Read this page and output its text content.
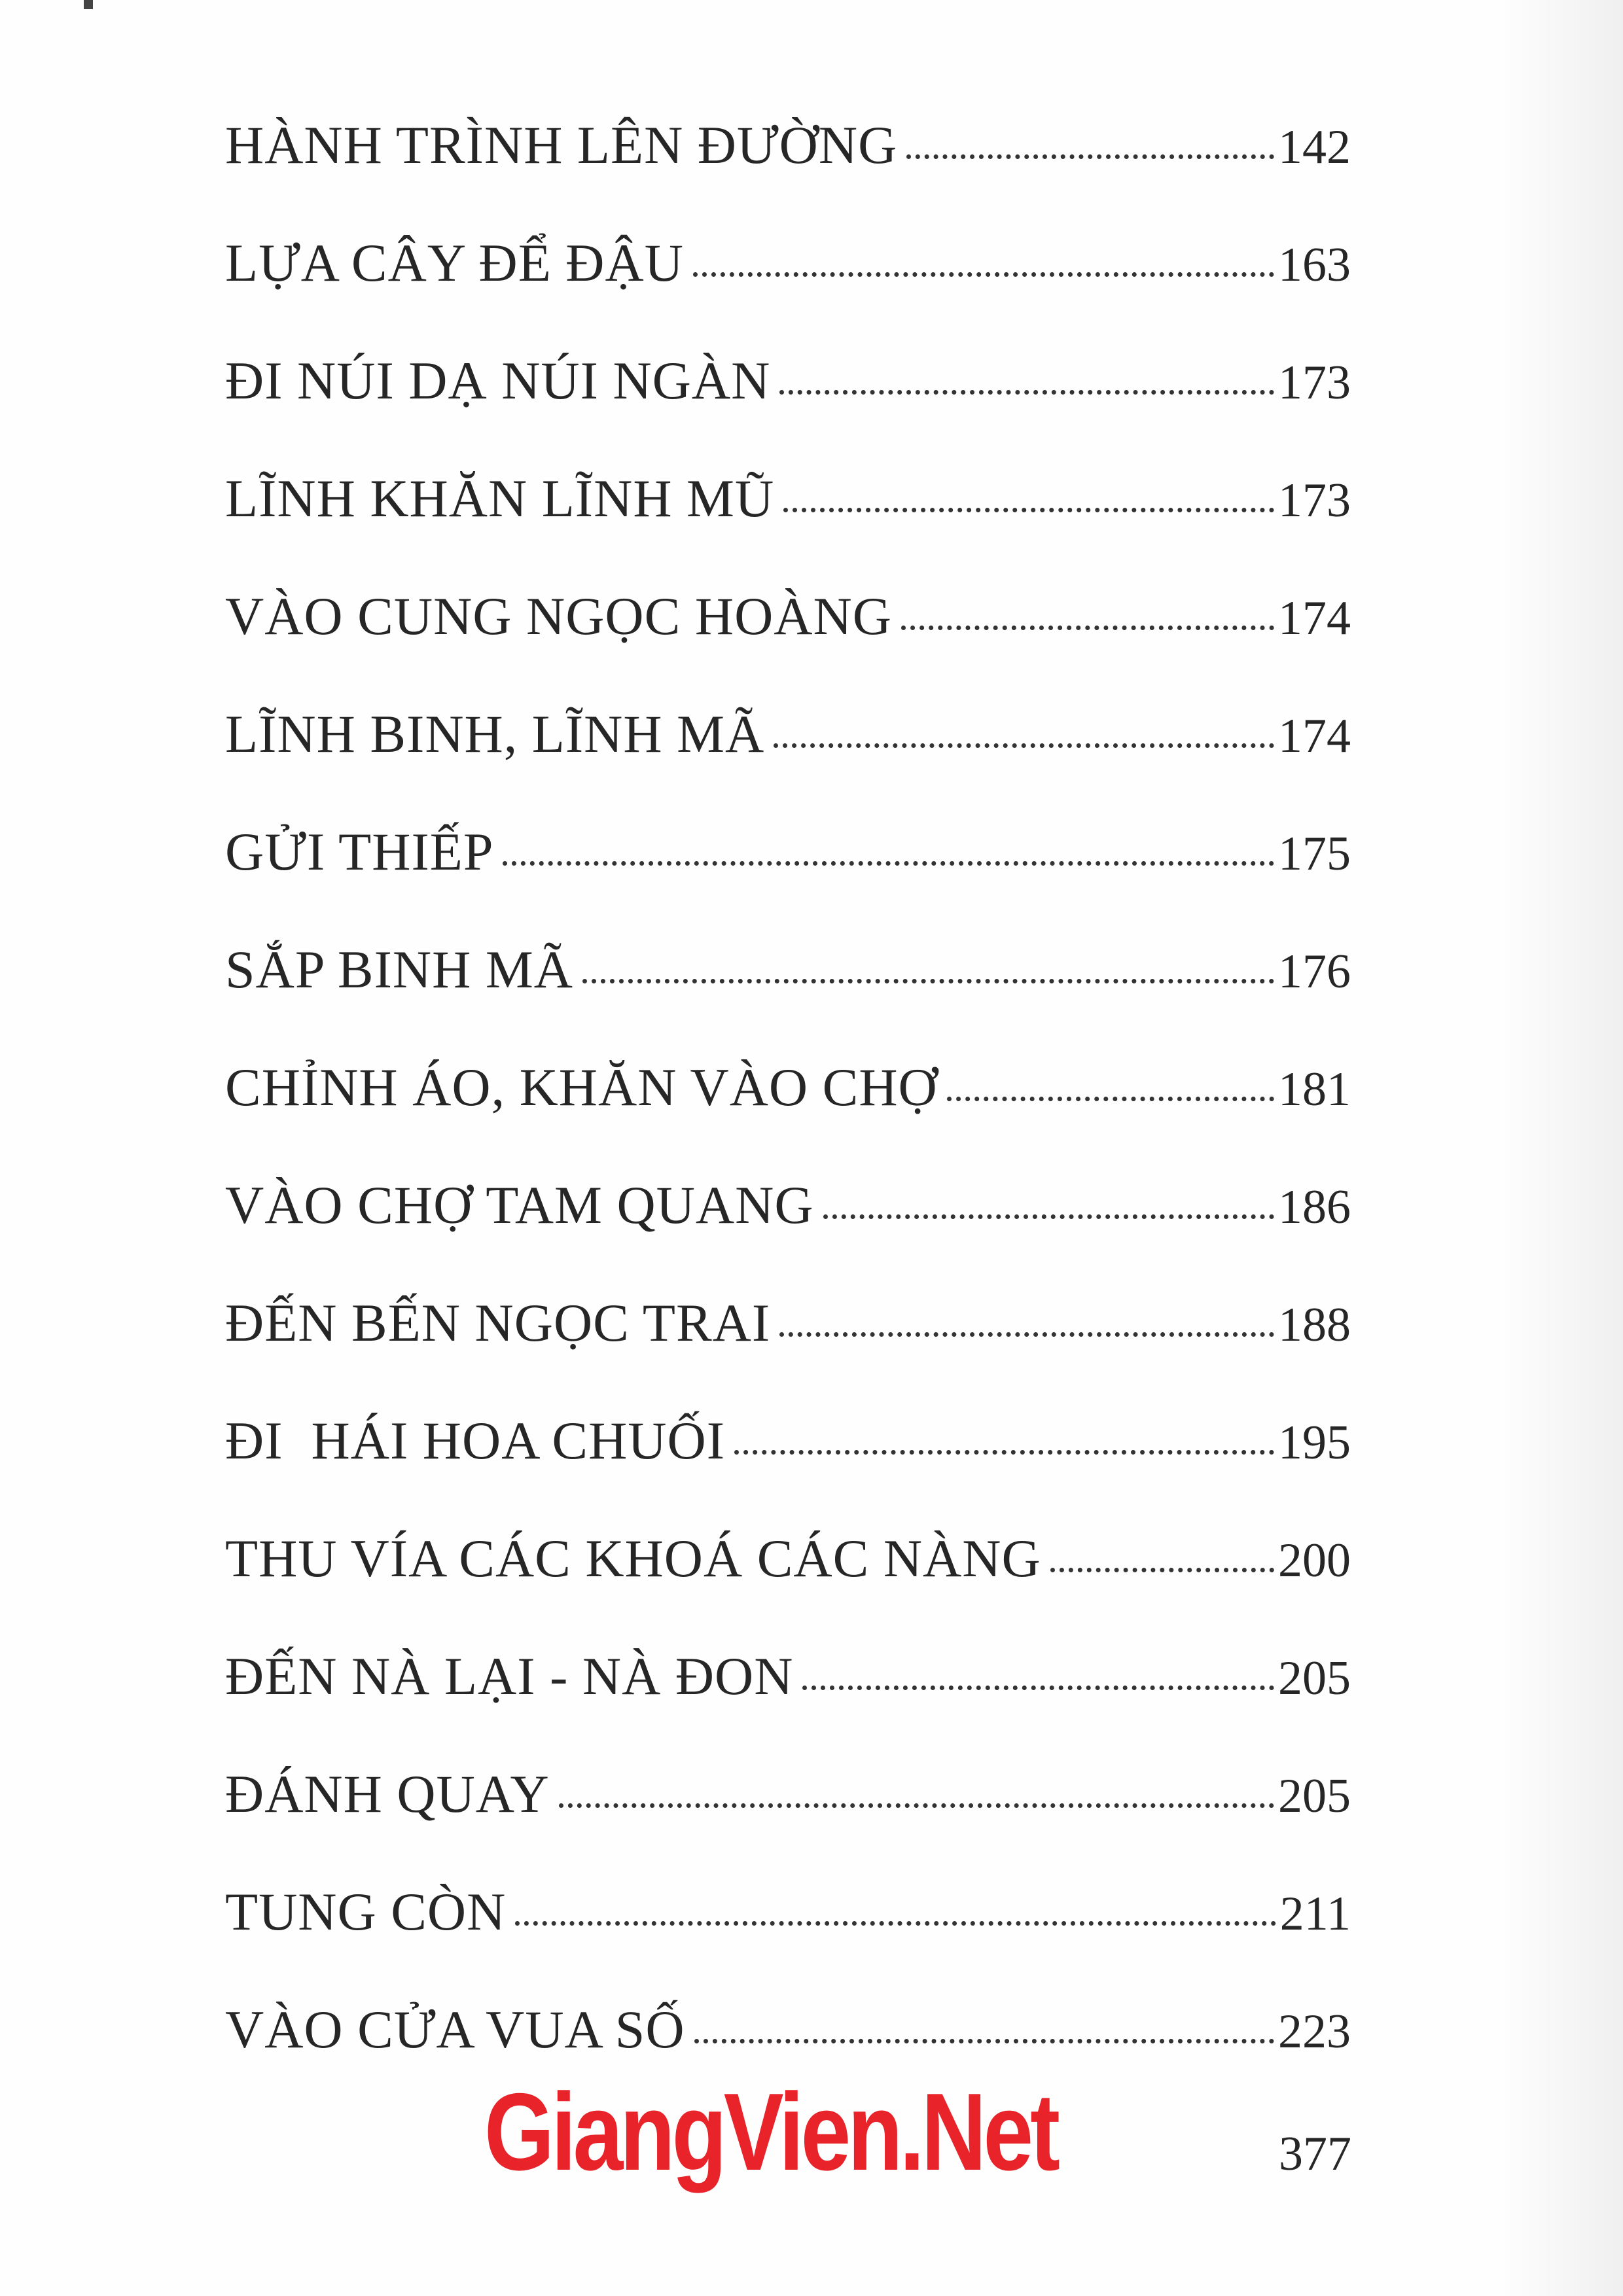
HÀNH TRÌNH LÊN ĐƯỜNG	142
LỰA CÂY ĐỂ ĐẬU	163
ĐI NÚI DẠ NÚI NGÀN	173
LĨNH KHĂN LĨNH MŨ	173
VÀO CUNG NGỌC HOÀNG	174
LĨNH BINH, LĨNH MÃ	174
GỬI THIẾP	175
SẮP BINH MÃ	176
CHỈNH ÁO, KHĂN VÀO CHỢ	181
VÀO CHỢ TAM QUANG	186
ĐẾN BẾN NGỌC TRAI	188
ĐI  HÁI HOA CHUỐI	195
THU VÍA CÁC KHOÁ CÁC NÀNG	200
ĐẾN NÀ LẠI - NÀ ĐON	205
ĐÁNH QUAY	205
TUNG CÒN	211
VÀO CỬA VUA SỐ	223
GiangVien.Net	377
